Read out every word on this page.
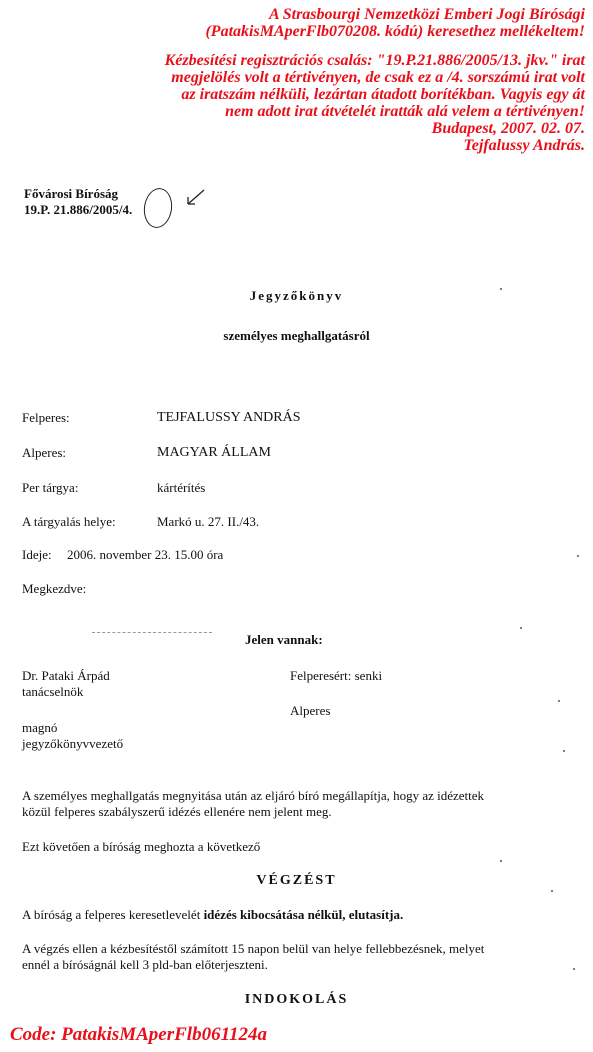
A Strasbourgi Nemzetközi Emberi Jogi Bírósági
(PatakisMAperFlb070208. kódú) keresethez mellékeltem!
Kézbesítési regisztrációs csalás: "19.P.21.886/2005/13. jkv." irat
megjelölés volt a tértivényen, de csak ez a /4. sorszámú irat volt
az iratszám nélküli, lezártan átadott borítékban. Vagyis egy át
nem adott irat átvételét iratták alá velem a tértivényen!
Budapest, 2007. 02. 07.
Tejfalussy András.
Fővárosi Bíróság
19.P. 21.886/2005/4.
Jegyzőkönyv
személyes meghallgatásról
Felperes:	TEJFALUSSY ANDRÁS
Alperes:	MAGYAR ÁLLAM
Per tárgya:	kártérítés
A tárgyalás helye:	Markó u. 27. II./43.
Ideje: 2006. november 23. 15.00 óra
Megkezdve:
Jelen vannak:
Dr. Pataki Árpád
tanácselnök
Felperesért: senki
Alperes
magnó
jegyzőkönyvvezető
A személyes meghallgatás megnyitása után az eljáró bíró megállapítja, hogy az idézettek
közül felperes szabályszerű idézés ellenére nem jelent meg.
Ezt követően a bíróság meghozta a következő
VÉGZÉST
A bíróság a felperes keresetlevelét idézés kibocsátása nélkül, elutasítja.
A végzés ellen a kézbesítéstől számított 15 napon belül van helye fellebbezésnek, melyet
ennél a bíróságnál kell 3 pld-ban előterjeszteni.
INDOKOLÁS
Code: PatakisMAperFlb061124a
